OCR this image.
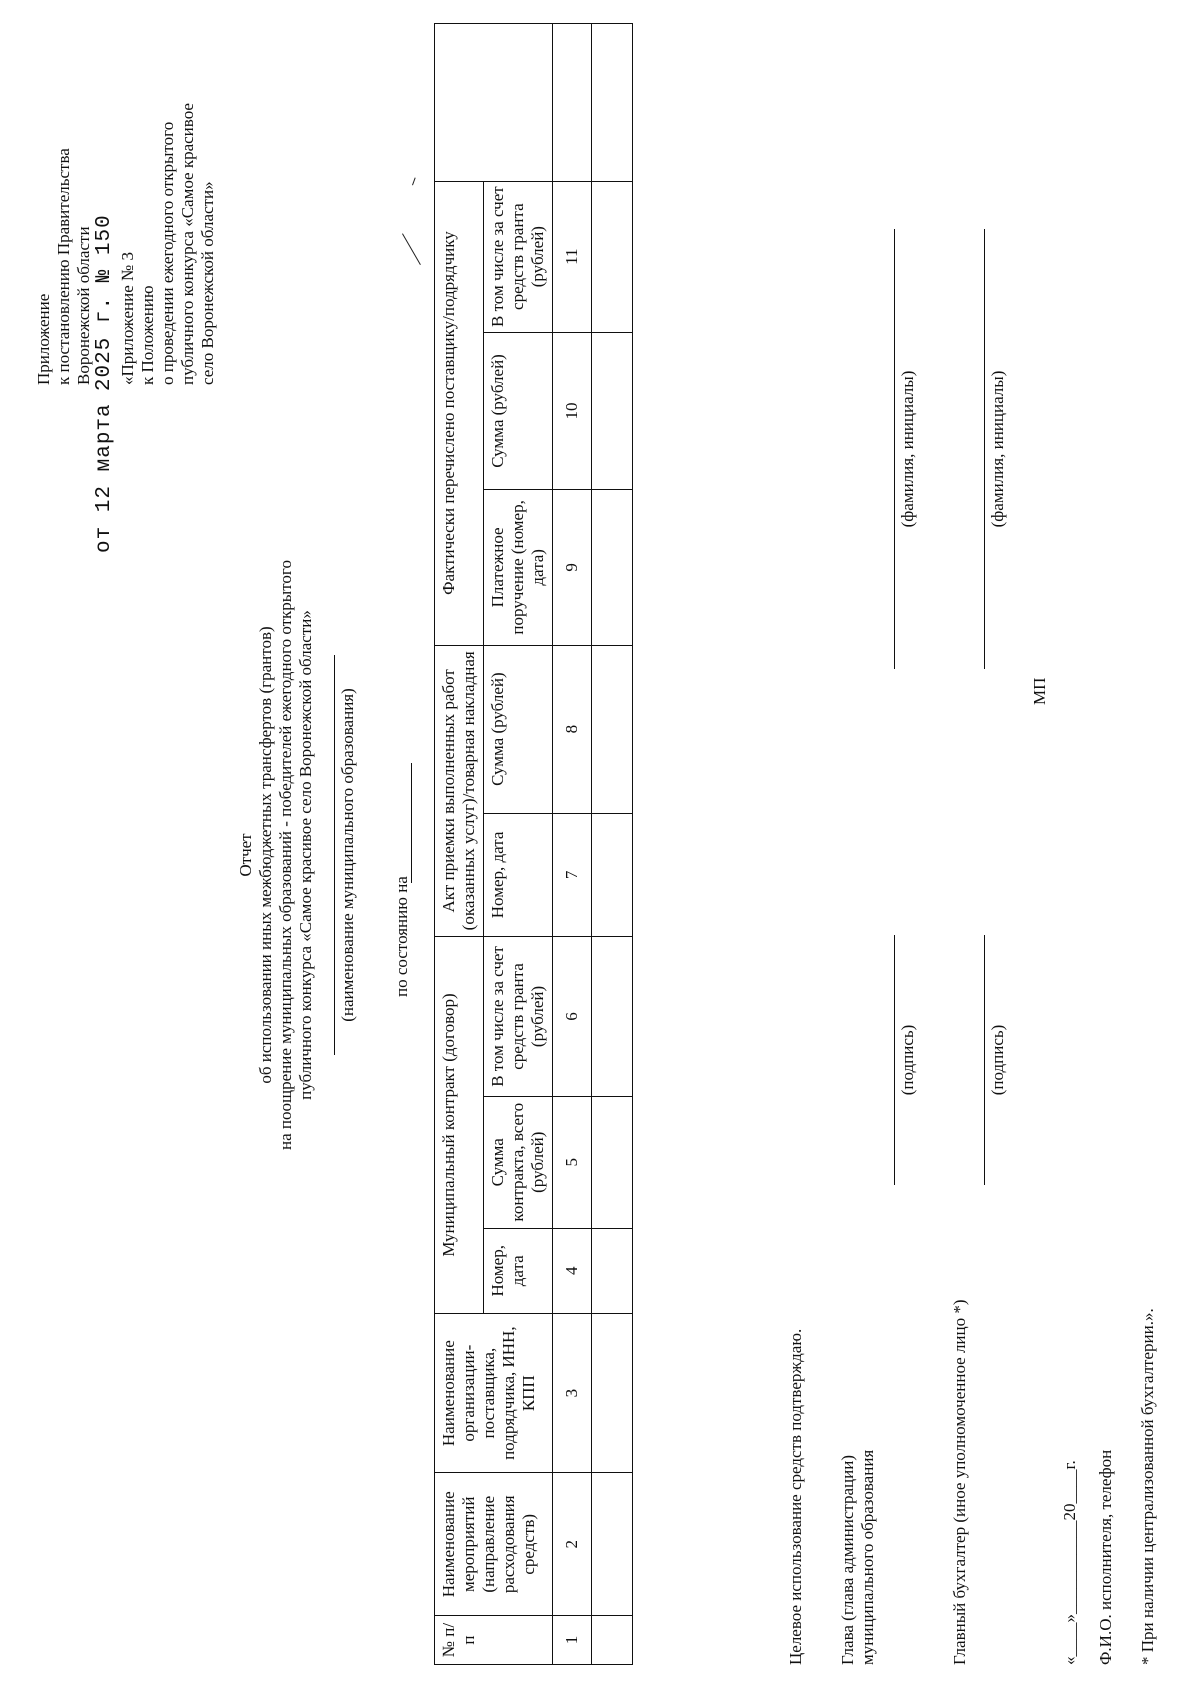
Приложение к постановлению Правительства Воронежской области
от 12 марта 2025 г. № 150 «Приложение № 3 к Положению о проведении ежегодного открытого публичного конкурса «Самое красивое село Воронежской области»
Отчет об использовании иных межбюджетных трансфертов (грантов) на поощрение муниципальных образований - победителей ежегодного открытого публичного конкурса «Самое красивое село Воронежской области» (наименование муниципального образования) по состоянию на
№ п/п	Наименование мероприятий (направление расходования средств)	Наименование организации-поставщика, подрядчика, ИНН, КПП	Муниципальный контракт (договор)			Акт приемки выполненных работ (оказанных услуг)/товарная накладная		Фактически перечислено поставщику/подрядчику			
			Номер, дата	Сумма контракта, всего (рублей)	В том числе за счет средств гранта (рублей)	Номер, дата	Сумма (рублей)	Платежное поручение (номер, дата)	Сумма (рублей)	В том числе за счет средств гранта (рублей)	
1	2	3	4	5	6	7	8	9	10	11	

Целевое использование средств подтверждаю. Глава (глава администрации) муниципального образования
(подпись)
(фамилия, инициалы)
Главный бухгалтер (иное уполномоченное лицо *)
(подпись)
(фамилия, инициалы)
МП
«____»___________20____г. Ф.И.О. исполнителя, телефон * При наличии централизованной бухгалтерии.».
